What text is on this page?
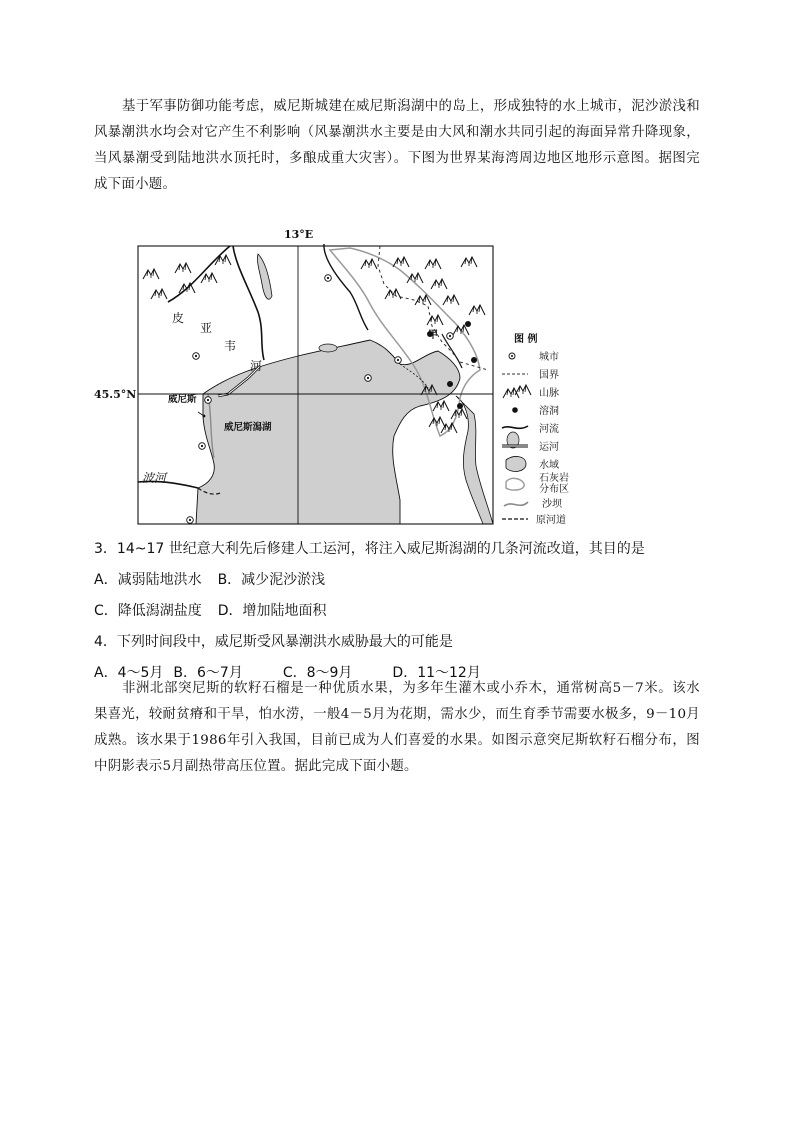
基于军事防御功能考虑，威尼斯城建在威尼斯潟湖中的岛上，形成独特的水上城市，泥沙淤浅和风暴潮洪水均会对它产生不利影响（风暴潮洪水主要是由大风和潮水共同引起的海面异常升降现象，当风暴潮受到陆地洪水顶托时，多酿成重大灾害）。下图为世界某海湾周边地区地形示意图。据图完成下面小题。

13°E
45.5°N
皮
亚
韦
河
威尼斯
威尼斯潟湖
波河
甲	图 例
城市
国界
山脉
溶洞
河流
运河
水域
石灰岩
分布区
沙坝
原河道

3．14~17 世纪意大利先后修建人工运河，将注入威尼斯潟湖的几条河流改道，其目的是

A．减弱陆地洪水 B．减少泥沙淤浅

C．降低潟湖盐度 D．增加陆地面积

4．下列时间段中，威尼斯受风暴潮洪水威胁最大的可能是

A．4～5月 B．6～7月	C．8～9月	D．11～12月

非洲北部突尼斯的软籽石榴是一种优质水果，为多年生灌木或小乔木，通常树高5－7米。该水果喜光，较耐贫瘠和干旱，怕水涝，一般4－5月为花期，需水少，而生育季节需要水极多，9－10月成熟。该水果于1986年引入我国，目前已成为人们喜爱的水果。如图示意突尼斯软籽石榴分布，图中阴影表示5月副热带高压位置。据此完成下面小题。
